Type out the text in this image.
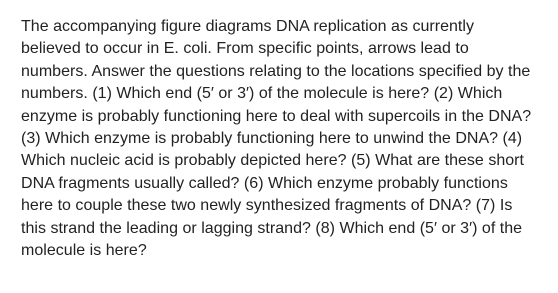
The accompanying figure diagrams DNA replication as currently believed to occur in E. coli. From specific points, arrows lead to numbers. Answer the questions relating to the locations specified by the numbers. (1) Which end (5′ or 3′) of the molecule is here? (2) Which enzyme is probably functioning here to deal with supercoils in the DNA? (3) Which enzyme is probably functioning here to unwind the DNA? (4) Which nucleic acid is probably depicted here? (5) What are these short DNA fragments usually called? (6) Which enzyme probably functions here to couple these two newly synthesized fragments of DNA? (7) Is this strand the leading or lagging strand? (8) Which end (5′ or 3′) of the molecule is here?
